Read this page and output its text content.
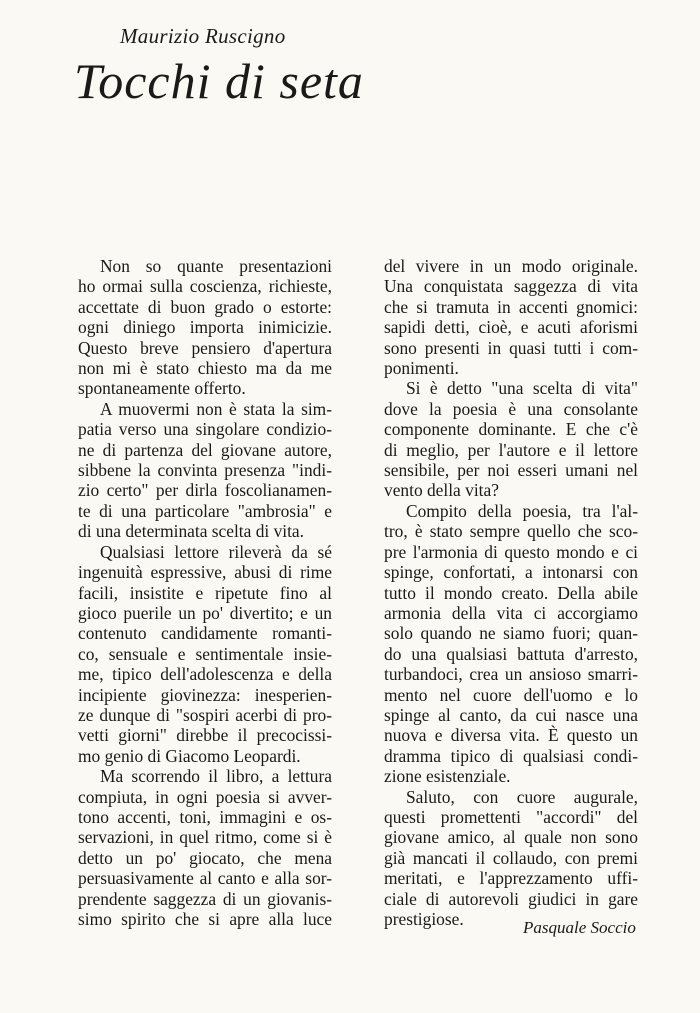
Maurizio Ruscigno
Tocchi di seta

Non so quante presentazioni
ho ormai sulla coscienza, richieste,
accettate di buon grado o estorte:
ogni diniego importa inimicizie.
Questo breve pensiero d'apertura
non mi è stato chiesto ma da me
spontaneamente offerto.

A muovermi non è stata la sim-
patia verso una singolare condizio-
ne di partenza del giovane autore,
sibbene la convinta presenza "indi-
zio certo" per dirla foscolianamen-
te di una particolare "ambrosia" e
di una determinata scelta di vita.

Qualsiasi lettore rileverà da sé
ingenuità espressive, abusi di rime
facili, insistite e ripetute fino al
gioco puerile un po' divertito; e un
contenuto candidamente romanti-
co, sensuale e sentimentale insie-
me, tipico dell'adolescenza e della
incipiente giovinezza: inesperien-
ze dunque di "sospiri acerbi di pro-
vetti giorni" direbbe il precocissi-
mo genio di Giacomo Leopardi.

Ma scorrendo il libro, a lettura
compiuta, in ogni poesia si avver-
tono accenti, toni, immagini e os-
servazioni, in quel ritmo, come si è
detto un po' giocato, che mena
persuasivamente al canto e alla sor-
prendente saggezza di un giovanis-
simo spirito che si apre alla luce

del vivere in un modo originale.
Una conquistata saggezza di vita
che si tramuta in accenti gnomici:
sapidi detti, cioè, e acuti aforismi
sono presenti in quasi tutti i com-
ponimenti.

Si è detto "una scelta di vita"
dove la poesia è una consolante
componente dominante. E che c'è
di meglio, per l'autore e il lettore
sensibile, per noi esseri umani nel
vento della vita?

Compito della poesia, tra l'al-
tro, è stato sempre quello che sco-
pre l'armonia di questo mondo e ci
spinge, confortati, a intonarsi con
tutto il mondo creato. Della abile
armonia della vita ci accorgiamo
solo quando ne siamo fuori; quan-
do una qualsiasi battuta d'arresto,
turbandoci, crea un ansioso smarri-
mento nel cuore dell'uomo e lo
spinge al canto, da cui nasce una
nuova e diversa vita. È questo un
dramma tipico di qualsiasi condi-
zione esistenziale.

Saluto, con cuore augurale,
questi promettenti "accordi" del
giovane amico, al quale non sono
già mancati il collaudo, con premi
meritati, e l'apprezzamento uffi-
ciale di autorevoli giudici in gare
prestigiose.	Pasquale Soccio
